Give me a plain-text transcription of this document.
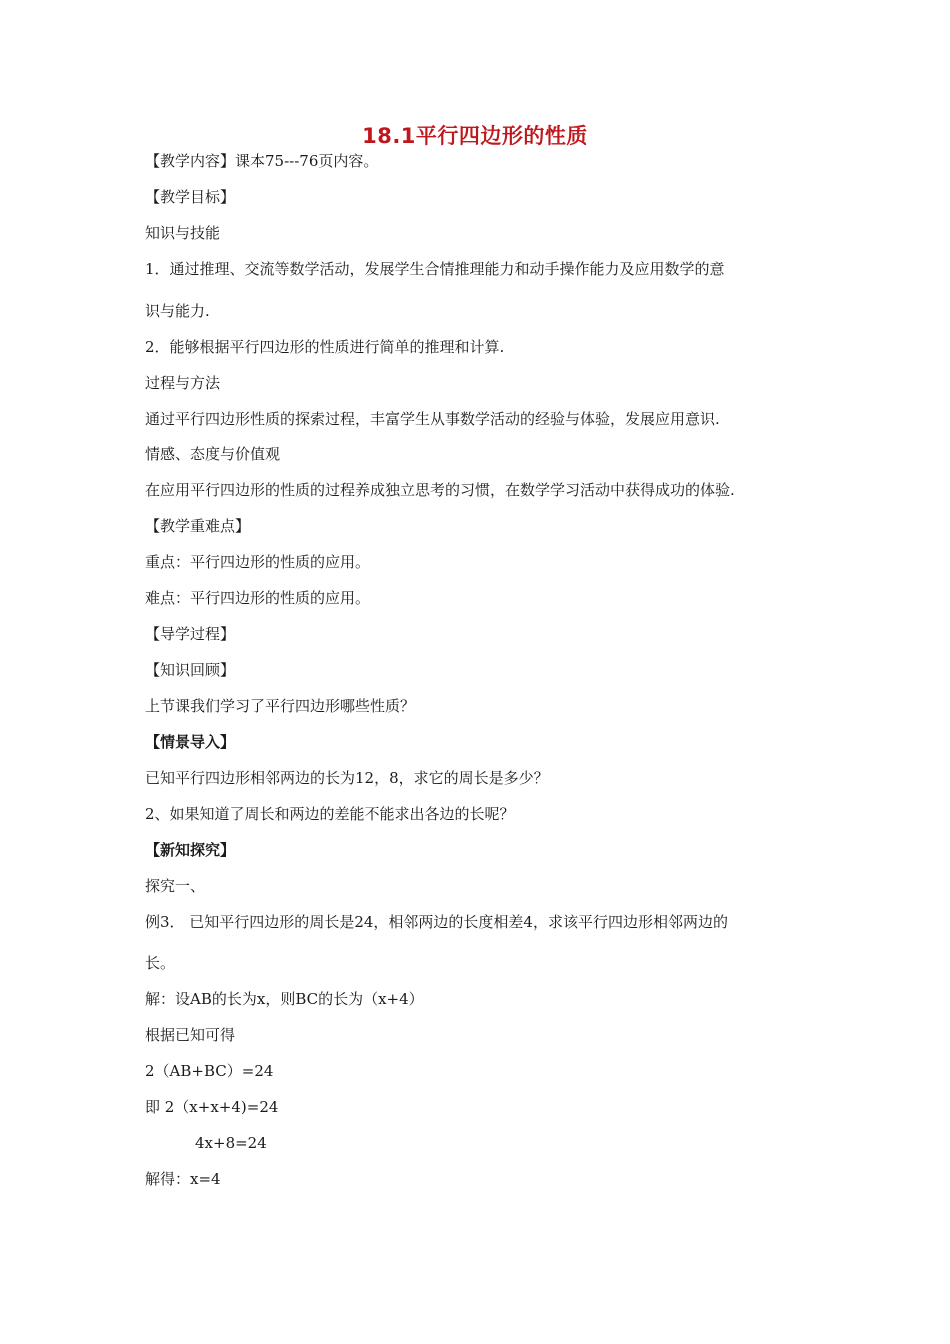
18.1平行四边形的性质
【教学内容】课本75---76页内容。
【教学目标】
知识与技能
1．通过推理、交流等数学活动，发展学生合情推理能力和动手操作能力及应用数学的意
识与能力.
2．能够根据平行四边形的性质进行简单的推理和计算.
过程与方法
通过平行四边形性质的探索过程，丰富学生从事数学活动的经验与体验，发展应用意识.
情感、态度与价值观
在应用平行四边形的性质的过程养成独立思考的习惯，在数学学习活动中获得成功的体验.
【教学重难点】
重点：平行四边形的性质的应用。
难点：平行四边形的性质的应用。
【导学过程】
【知识回顾】
上节课我们学习了平行四边形哪些性质？
【情景导入】
已知平行四边形相邻两边的长为12，8，求它的周长是多少？
2、如果知道了周长和两边的差能不能求出各边的长呢？
【新知探究】
探究一、
例3． 已知平行四边形的周长是24，相邻两边的长度相差4，求该平行四边形相邻两边的
长。
解：设AB的长为x，则BC的长为（x+4）
根据已知可得
2（AB+BC）=24
即 2（x+x+4)=24
4x+8=24
解得：x=4
